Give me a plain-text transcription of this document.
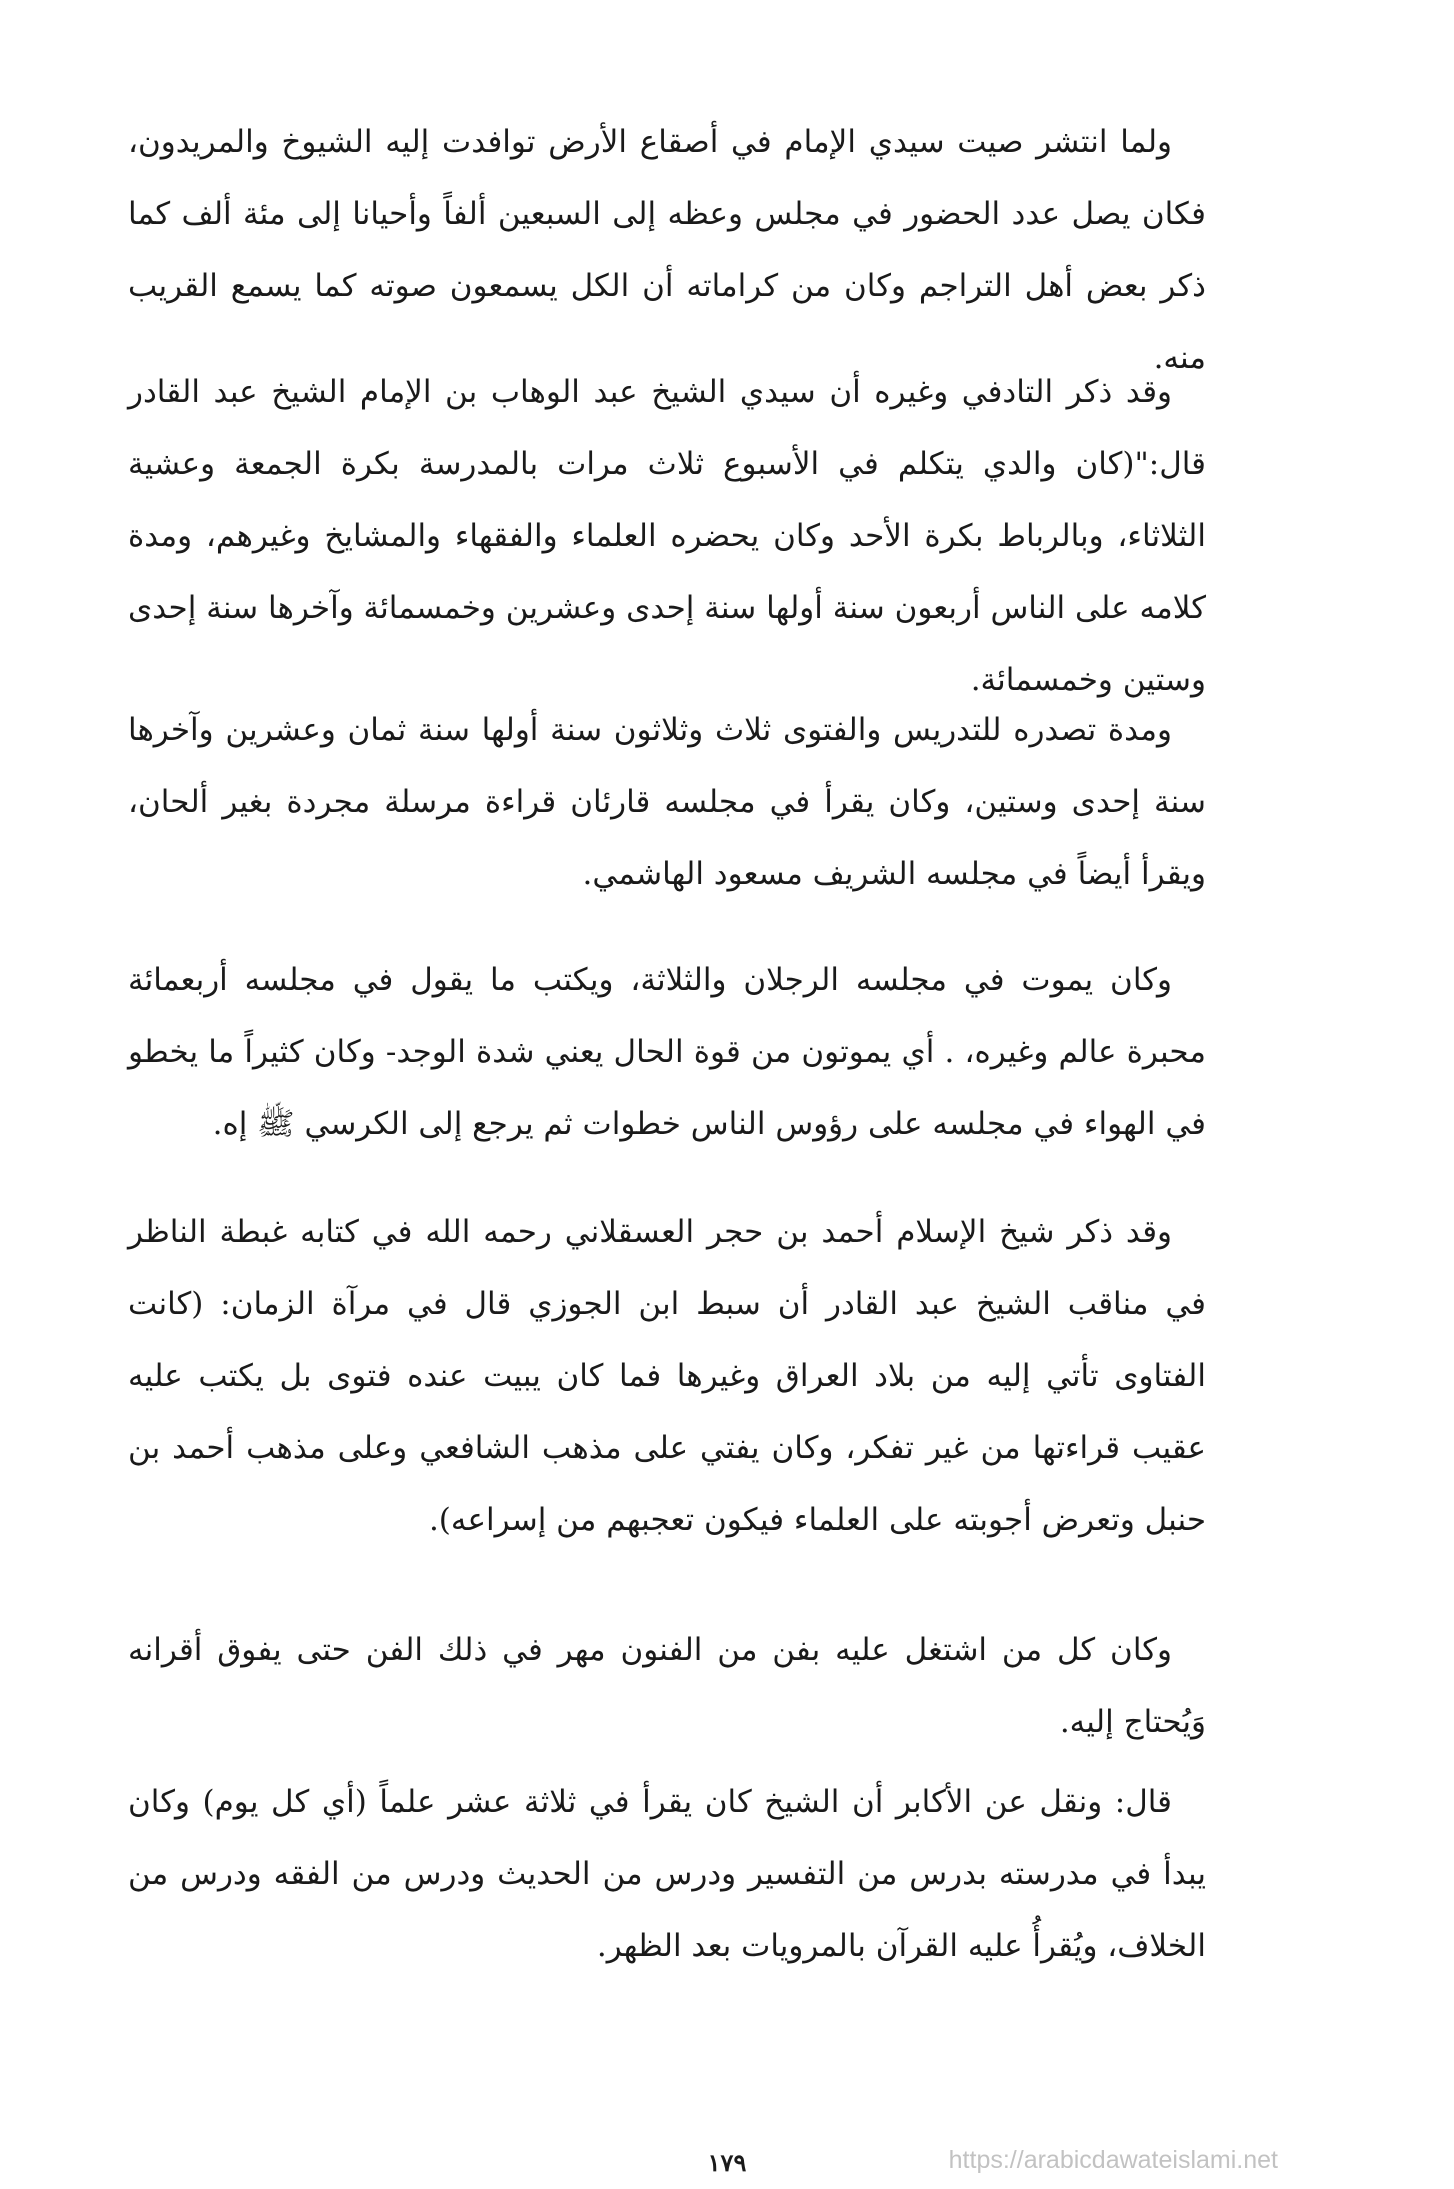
ولما انتشر صيت سيدي الإمام في أصقاع الأرض توافدت إليه الشيوخ والمريدون، فكان يصل عدد الحضور في مجلس وعظه إلى السبعين ألفاً وأحيانا إلى مئة ألف كما ذكر بعض أهل التراجم وكان من كراماته أن الكل يسمعون صوته كما يسمع القريب منه.

وقد ذكر التادفي وغيره أن سيدي الشيخ عبد الوهاب بن الإمام الشيخ عبد القادر قال:"(كان والدي يتكلم في الأسبوع ثلاث مرات بالمدرسة بكرة الجمعة وعشية الثلاثاء، وبالرباط بكرة الأحد وكان يحضره العلماء والفقهاء والمشايخ وغيرهم، ومدة كلامه على الناس أربعون سنة أولها سنة إحدى وعشرين وخمسمائة وآخرها سنة إحدى وستين وخمسمائة.

ومدة تصدره للتدريس والفتوى ثلاث وثلاثون سنة أولها سنة ثمان وعشرين وآخرها سنة إحدى وستين، وكان يقرأ في مجلسه قارئان قراءة مرسلة مجردة بغير ألحان، ويقرأ أيضاً في مجلسه الشريف مسعود الهاشمي.

وكان يموت في مجلسه الرجلان والثلاثة، ويكتب ما يقول في مجلسه أربعمائة محبرة عالم وغيره، . أي يموتون من قوة الحال يعني شدة الوجد- وكان كثيراً ما يخطو في الهواء في مجلسه على رؤوس الناس خطوات ثم يرجع إلى الكرسي ﷺ إه.

وقد ذكر شيخ الإسلام أحمد بن حجر العسقلاني رحمه الله في كتابه غبطة الناظر في مناقب الشيخ عبد القادر أن سبط ابن الجوزي قال في مرآة الزمان: (كانت الفتاوى تأتي إليه من بلاد العراق وغيرها فما كان يبيت عنده فتوى بل يكتب عليه عقيب قراءتها من غير تفكر، وكان يفتي على مذهب الشافعي وعلى مذهب أحمد بن حنبل وتعرض أجوبته على العلماء فيكون تعجبهم من إسراعه).

وكان كل من اشتغل عليه بفن من الفنون مهر في ذلك الفن حتى يفوق أقرانه وَيُحتاج إليه.

قال: ونقل عن الأكابر أن الشيخ كان يقرأ في ثلاثة عشر علماً (أي كل يوم) وكان يبدأ في مدرسته بدرس من التفسير ودرس من الحديث ودرس من الفقه ودرس من الخلاف، ويُقرأُ عليه القرآن بالمرويات بعد الظهر.

١٧٩	https://arabicdawateislami.net
